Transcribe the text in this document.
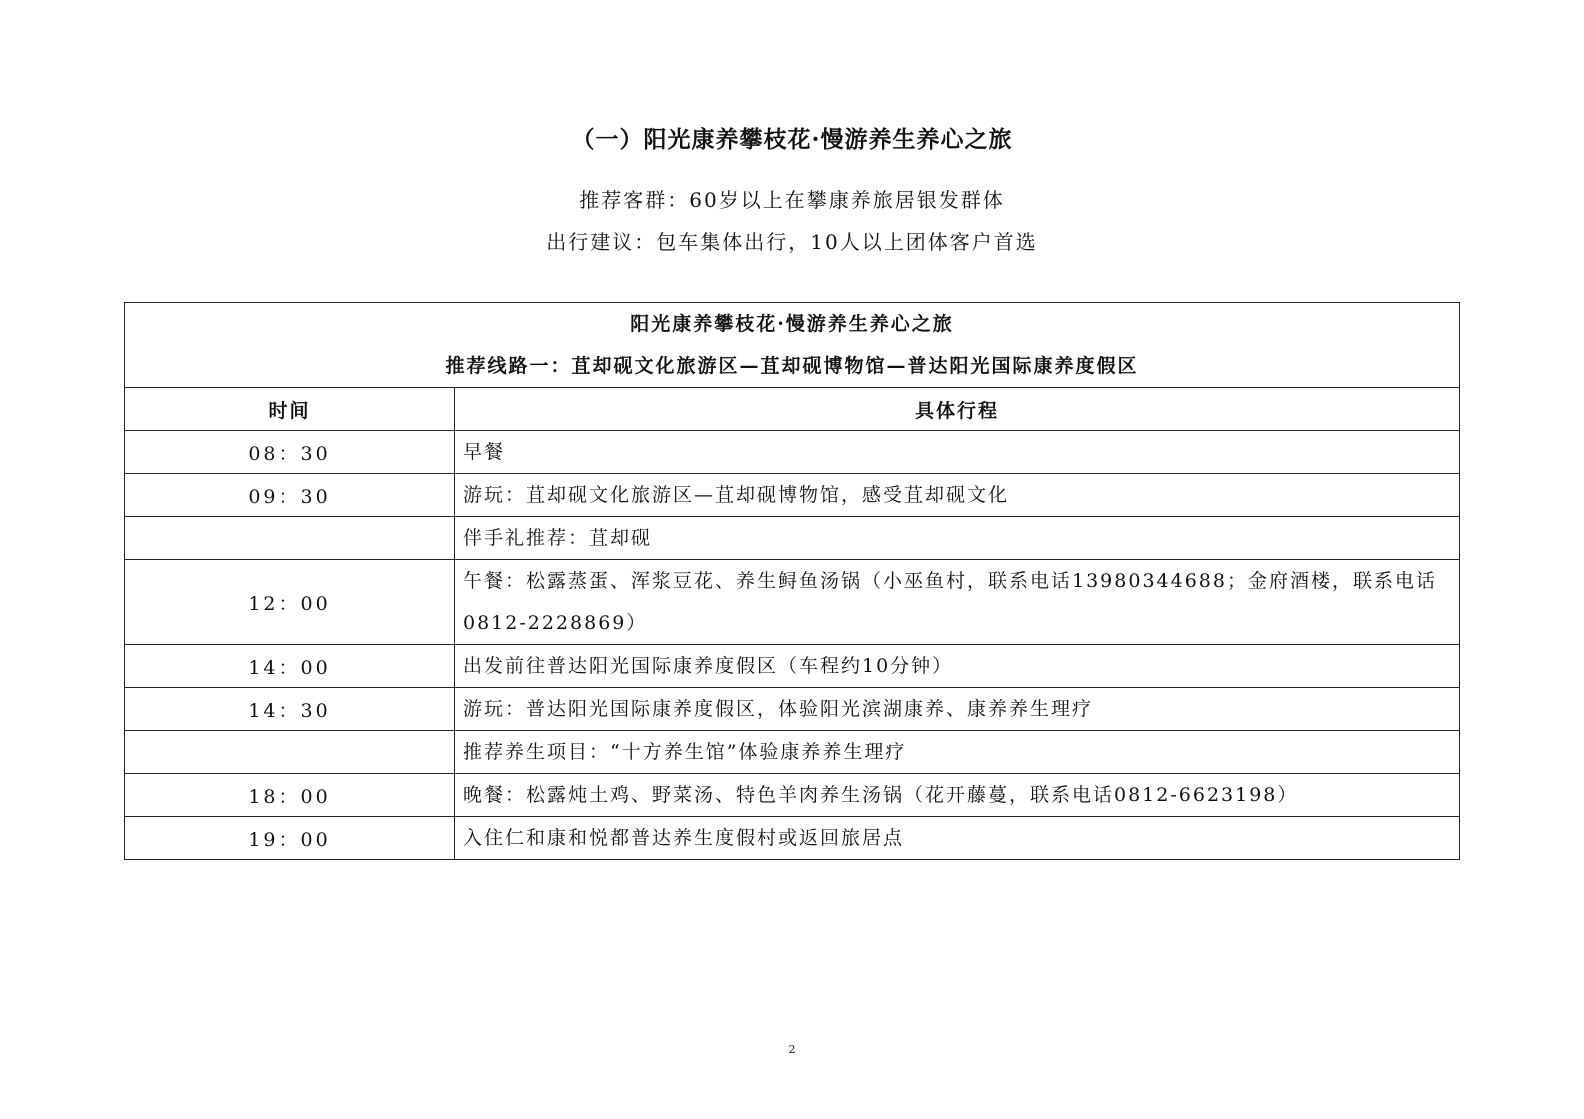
（一）阳光康养攀枝花·慢游养生养心之旅
推荐客群：60岁以上在攀康养旅居银发群体
出行建议：包车集体出行，10人以上团体客户首选
阳光康养攀枝花·慢游养生养心之旅
推荐线路一：苴却砚文化旅游区—苴却砚博物馆—普达阳光国际康养度假区	

时间	具体行程
08：30	早餐
09：30	游玩：苴却砚文化旅游区—苴却砚博物馆，感受苴却砚文化
	伴手礼推荐：苴却砚
12：00	午餐：松露蒸蛋、浑浆豆花、养生鲟鱼汤锅（小巫鱼村，联系电话13980344688；金府酒楼，联系电话0812-2228869）
14：00	出发前往普达阳光国际康养度假区（车程约10分钟）
14：30	游玩：普达阳光国际康养度假区，体验阳光滨湖康养、康养养生理疗
	推荐养生项目：“十方养生馆”体验康养养生理疗
18：00	晚餐：松露炖土鸡、野菜汤、特色羊肉养生汤锅（花开藤蔓，联系电话0812-6623198）
19：00	入住仁和康和悦都普达养生度假村或返回旅居点
2
